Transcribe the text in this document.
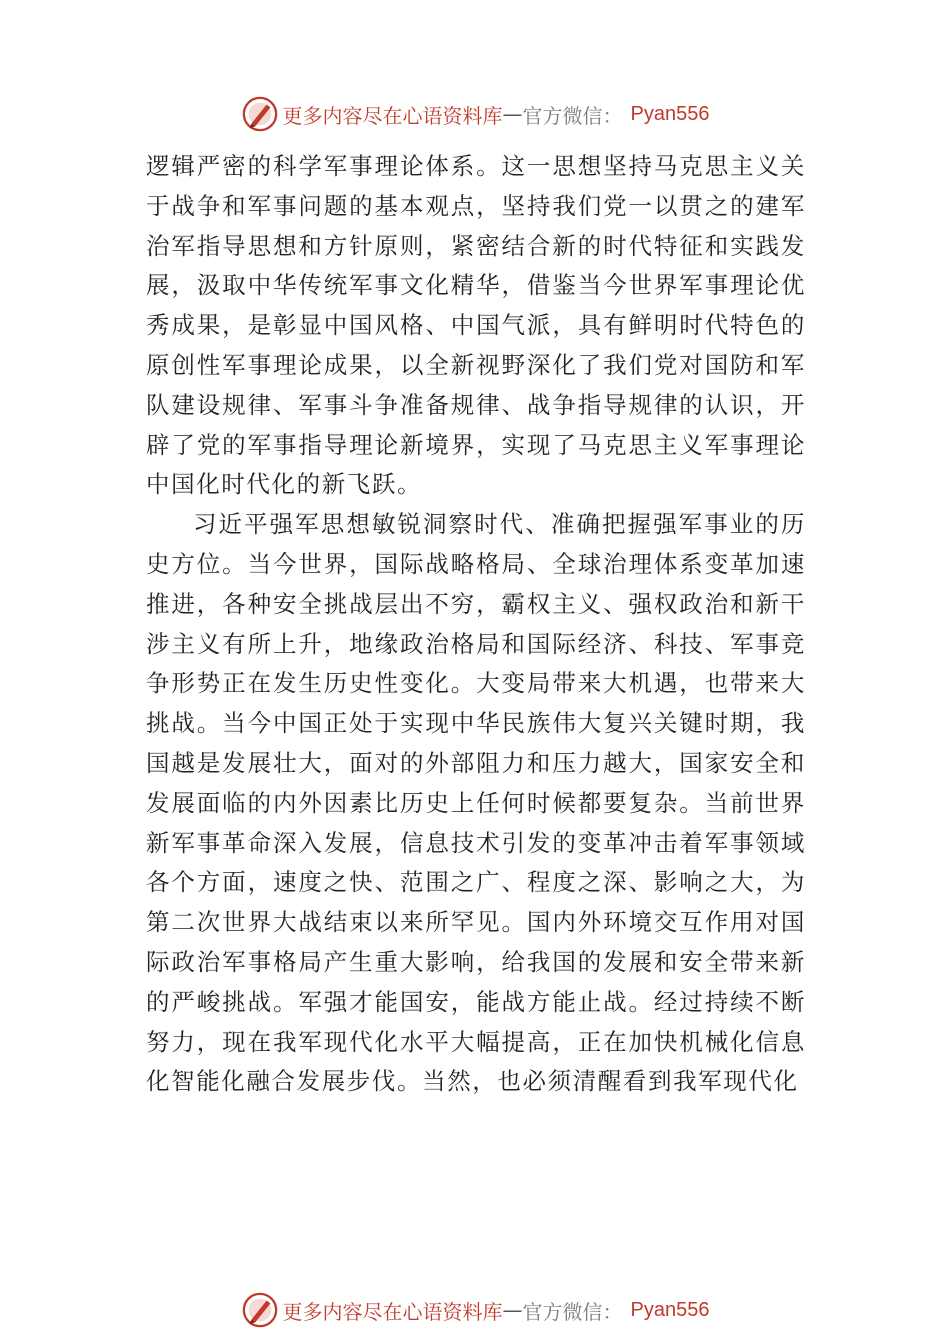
更多内容尽在心语资料库 — 官方微信： Pyan556

逻辑严密的科学军事理论体系。这一思想坚持马克思主义关于战争和军事问题的基本观点，坚持我们党一以贯之的建军治军指导思想和方针原则，紧密结合新的时代特征和实践发展，汲取中华传统军事文化精华，借鉴当今世界军事理论优秀成果，是彰显中国风格、中国气派，具有鲜明时代特色的原创性军事理论成果，以全新视野深化了我们党对国防和军队建设规律、军事斗争准备规律、战争指导规律的认识，开辟了党的军事指导理论新境界，实现了马克思主义军事理论中国化时代化的新飞跃。

习近平强军思想敏锐洞察时代、准确把握强军事业的历史方位。当今世界，国际战略格局、全球治理体系变革加速推进，各种安全挑战层出不穷，霸权主义、强权政治和新干涉主义有所上升，地缘政治格局和国际经济、科技、军事竞争形势正在发生历史性变化。大变局带来大机遇，也带来大挑战。当今中国正处于实现中华民族伟大复兴关键时期，我国越是发展壮大，面对的外部阻力和压力越大，国家安全和发展面临的内外因素比历史上任何时候都要复杂。当前世界新军事革命深入发展，信息技术引发的变革冲击着军事领域各个方面，速度之快、范围之广、程度之深、影响之大，为第二次世界大战结束以来所罕见。国内外环境交互作用对国际政治军事格局产生重大影响，给我国的发展和安全带来新的严峻挑战。军强才能国安，能战方能止战。经过持续不断努力，现在我军现代化水平大幅提高，正在加快机械化信息化智能化融合发展步伐。当然，也必须清醒看到我军现代化

更多内容尽在心语资料库 — 官方微信： Pyan556
